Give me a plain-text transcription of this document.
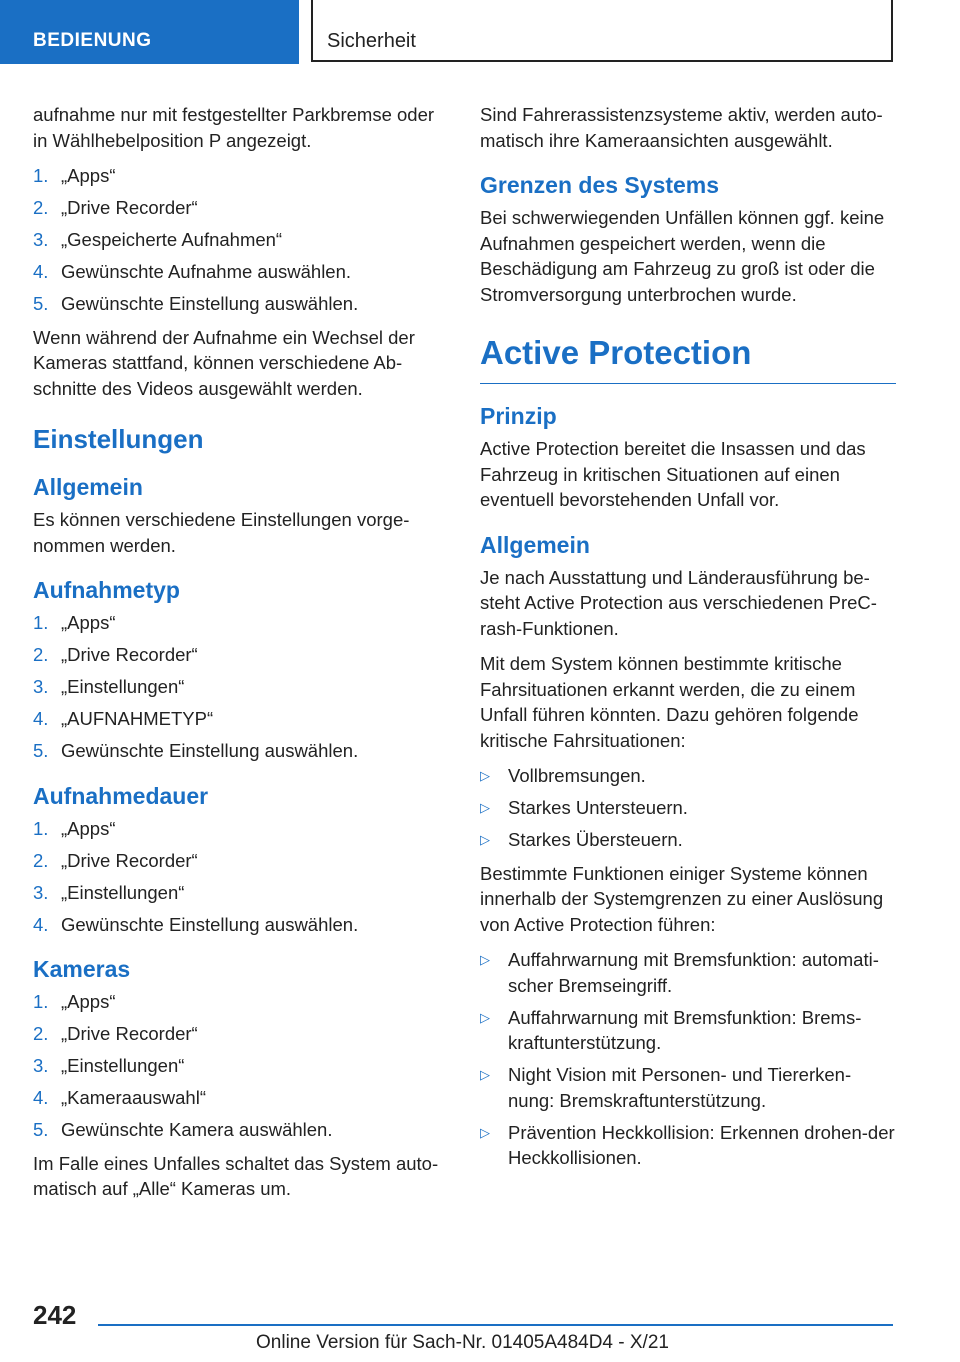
BEDIENUNG	Sicherheit

aufnahme nur mit festgestellter Parkbremse oder in Wählhebelposition P angezeigt.

1. „Apps“
2. „Drive Recorder“
3. „Gespeicherte Aufnahmen“
4. Gewünschte Aufnahme auswählen.
5. Gewünschte Einstellung auswählen.

Wenn während der Aufnahme ein Wechsel der Kameras stattfand, können verschiedene Ab-schnitte des Videos ausgewählt werden.

Einstellungen
Allgemein

Es können verschiedene Einstellungen vorge-nommen werden.

Aufnahmetyp
1. „Apps“
2. „Drive Recorder“
3. „Einstellungen“
4. „AUFNAHMETYP“
5. Gewünschte Einstellung auswählen.
Aufnahmedauer
1. „Apps“
2. „Drive Recorder“
3. „Einstellungen“
4. Gewünschte Einstellung auswählen.
Kameras
1. „Apps“
2. „Drive Recorder“
3. „Einstellungen“
4. „Kameraauswahl“
5. Gewünschte Kamera auswählen.

Im Falle eines Unfalles schaltet das System auto-matisch auf „Alle“ Kameras um.

Sind Fahrerassistenzsysteme aktiv, werden auto-matisch ihre Kameraansichten ausgewählt.

Grenzen des Systems

Bei schwerwiegenden Unfällen können ggf. keine Aufnahmen gespeichert werden, wenn die Beschädigung am Fahrzeug zu groß ist oder die Stromversorgung unterbrochen wurde.

Active Protection
Prinzip

Active Protection bereitet die Insassen und das Fahrzeug in kritischen Situationen auf einen eventuell bevorstehenden Unfall vor.

Allgemein

Je nach Ausstattung und Länderausführung be-steht Active Protection aus verschiedenen PreC-rash-Funktionen.

Mit dem System können bestimmte kritische Fahrsituationen erkannt werden, die zu einem Unfall führen könnten. Dazu gehören folgende kritische Fahrsituationen:

▷ Vollbremsungen.
▷ Starkes Untersteuern.
▷ Starkes Übersteuern.

Bestimmte Funktionen einiger Systeme können innerhalb der Systemgrenzen zu einer Auslösung von Active Protection führen:

▷ Auffahrwarnung mit Bremsfunktion: automati-scher Bremseingriff.
▷ Auffahrwarnung mit Bremsfunktion: Brems-kraftunterstützung.
▷ Night Vision mit Personen- und Tiererken-nung: Bremskraftunterstützung.
▷ Prävention Heckkollision: Erkennen drohen-der Heckkollisionen.
242
Online Version für Sach-Nr. 01405A484D4 - X/21
